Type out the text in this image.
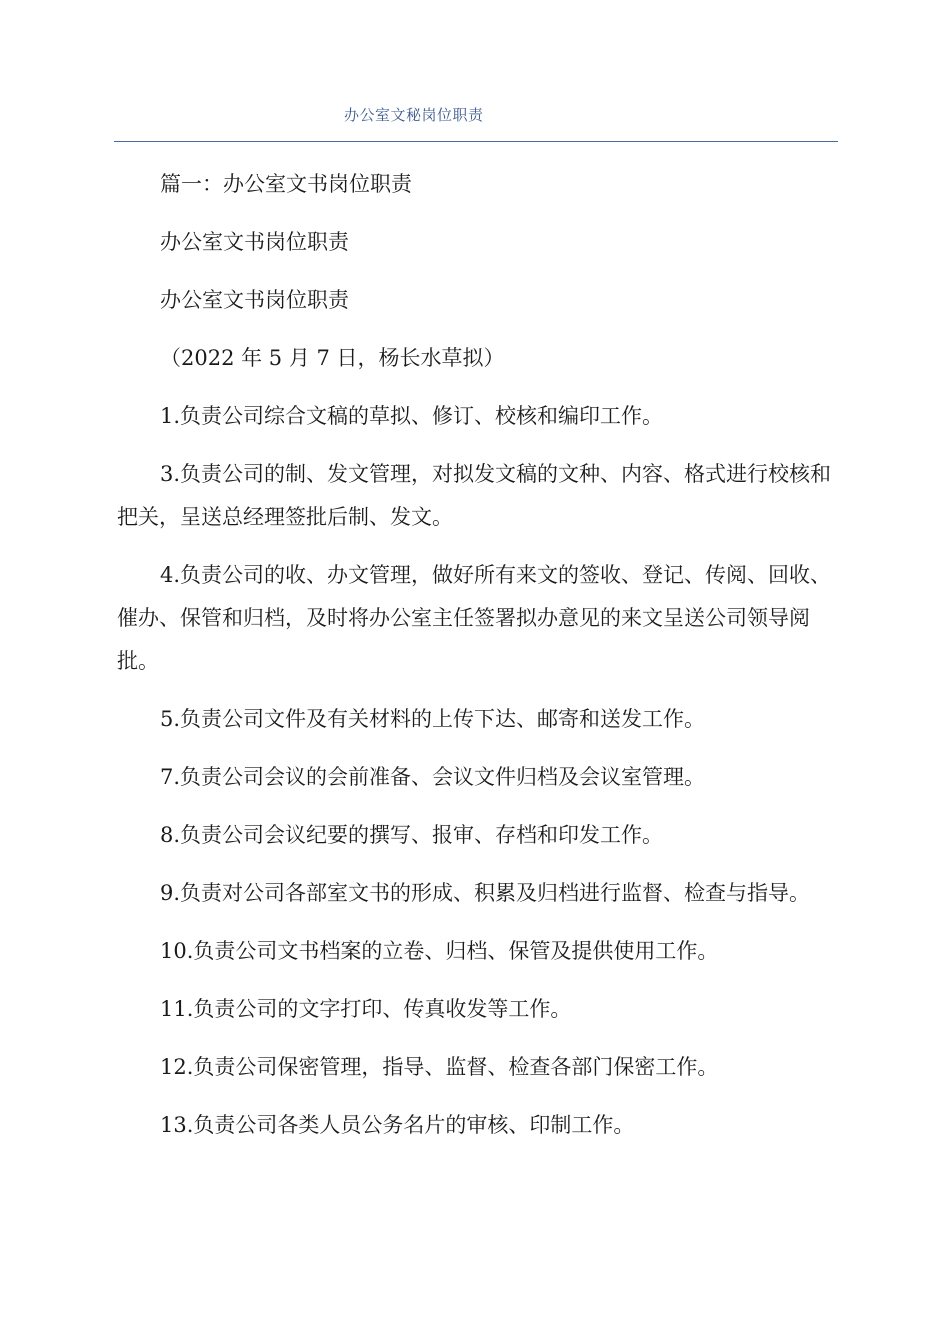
办公室文秘岗位职责

篇一：办公室文书岗位职责

办公室文书岗位职责

办公室文书岗位职责

（2022 年 5 月 7 日，杨长水草拟）

1.负责公司综合文稿的草拟、修订、校核和编印工作。

3.负责公司的制、发文管理，对拟发文稿的文种、内容、格式进行校核和把关，呈送总经理签批后制、发文。

4.负责公司的收、办文管理，做好所有来文的签收、登记、传阅、回收、催办、保管和归档，及时将办公室主任签署拟办意见的来文呈送公司领导阅批。

5.负责公司文件及有关材料的上传下达、邮寄和送发工作。

7.负责公司会议的会前准备、会议文件归档及会议室管理。

8.负责公司会议纪要的撰写、报审、存档和印发工作。

9.负责对公司各部室文书的形成、积累及归档进行监督、检查与指导。

10.负责公司文书档案的立卷、归档、保管及提供使用工作。

11.负责公司的文字打印、传真收发等工作。

12.负责公司保密管理，指导、监督、检查各部门保密工作。

13.负责公司各类人员公务名片的审核、印制工作。
